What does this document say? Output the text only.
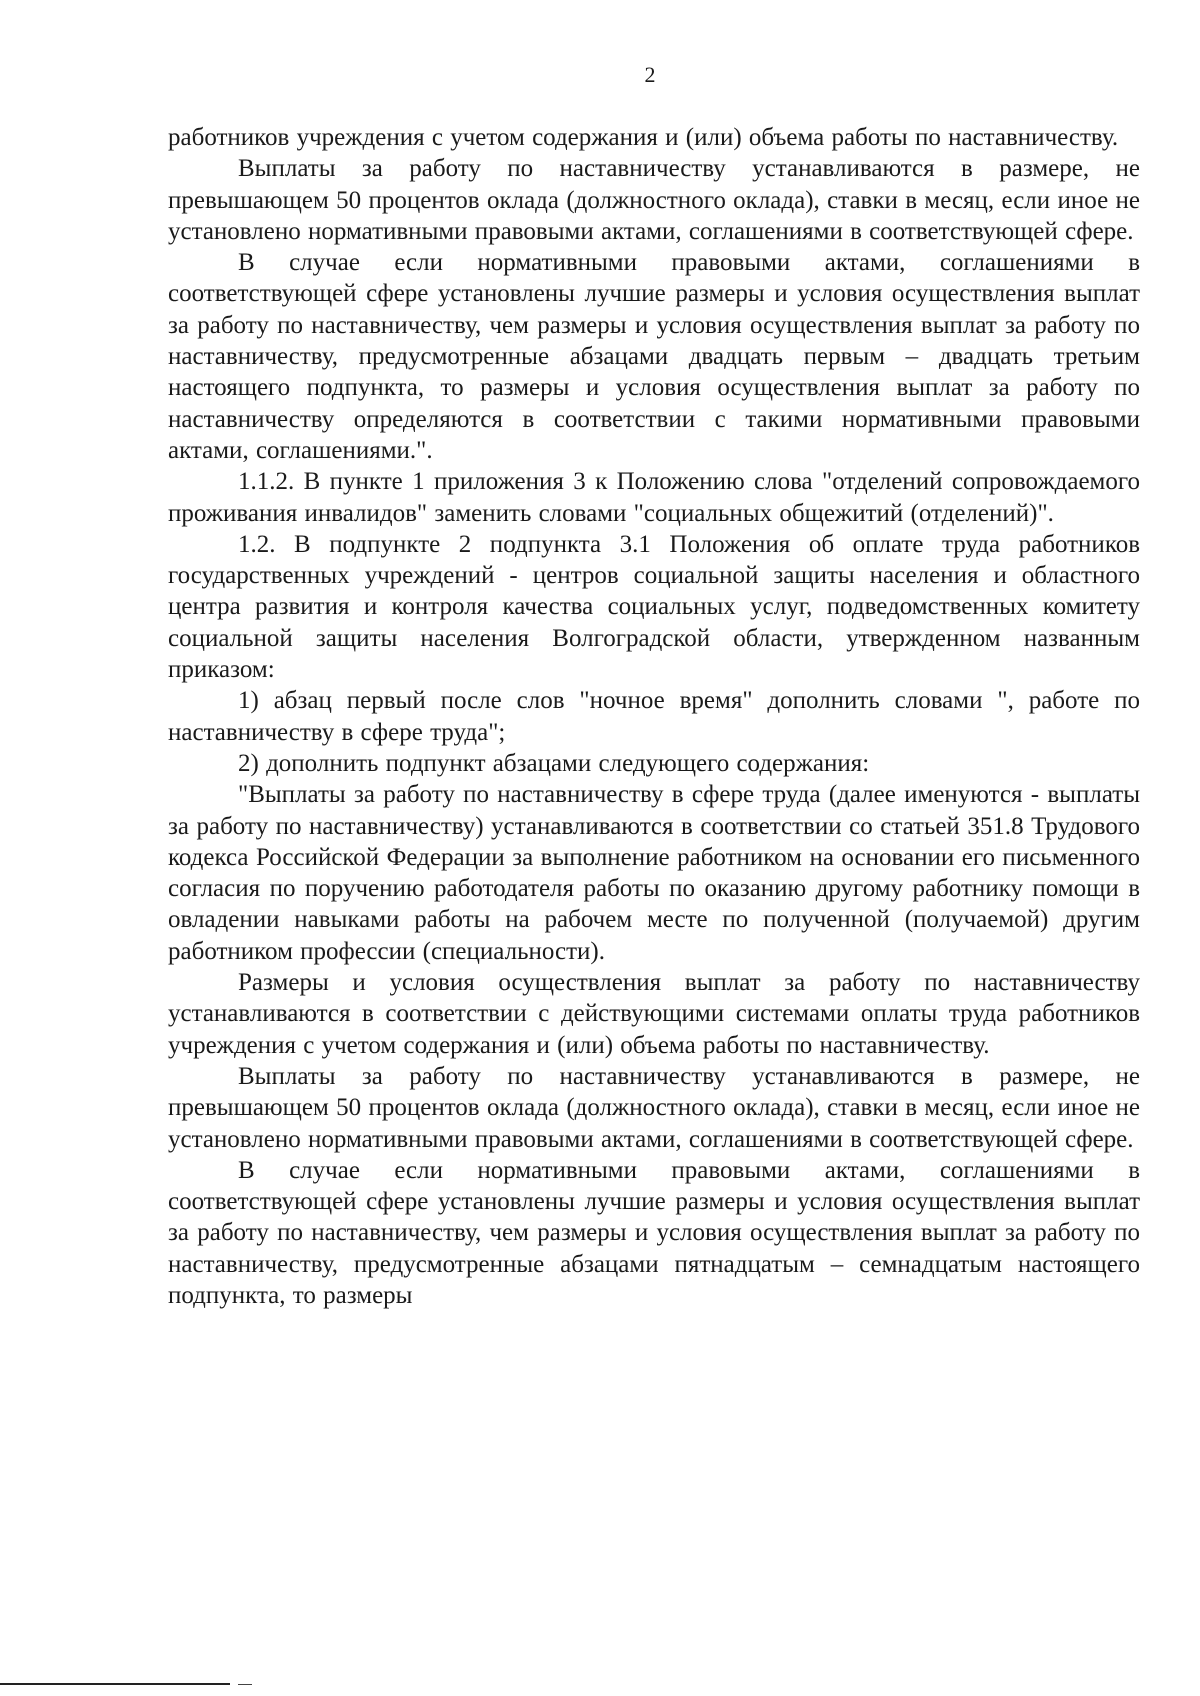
2

работников учреждения с учетом содержания и (или) объема работы по наставничеству.

Выплаты за работу по наставничеству устанавливаются в размере, не превышающем 50 процентов оклада (должностного оклада), ставки в месяц, если иное не установлено нормативными правовыми актами, соглашениями в соответствующей сфере.

В случае если нормативными правовыми актами, соглашениями в соответствующей сфере установлены лучшие размеры и условия осуществления выплат за работу по наставничеству, чем размеры и условия осуществления выплат за работу по наставничеству, предусмотренные абзацами двадцать первым – двадцать третьим настоящего подпункта, то размеры и условия осуществления выплат за работу по наставничеству определяются в соответствии с такими нормативными правовыми актами, соглашениями.".

1.1.2. В пункте 1 приложения 3 к Положению слова "отделений сопровождаемого проживания инвалидов" заменить словами "социальных общежитий (отделений)".

1.2. В подпункте 2 подпункта 3.1 Положения об оплате труда работников государственных учреждений - центров социальной защиты населения и областного центра развития и контроля качества социальных услуг, подведомственных комитету социальной защиты населения Волгоградской области, утвержденном названным приказом:

1) абзац первый после слов "ночное время" дополнить словами ", работе по наставничеству в сфере труда";

2) дополнить подпункт абзацами следующего содержания:

"Выплаты за работу по наставничеству в сфере труда (далее именуются - выплаты за работу по наставничеству) устанавливаются в соответствии со статьей 351.8 Трудового кодекса Российской Федерации за выполнение работником на основании его письменного согласия по поручению работодателя работы по оказанию другому работнику помощи в овладении навыками работы на рабочем месте по полученной (получаемой) другим работником профессии (специальности).

Размеры и условия осуществления выплат за работу по наставничеству устанавливаются в соответствии с действующими системами оплаты труда работников учреждения с учетом содержания и (или) объема работы по наставничеству.

Выплаты за работу по наставничеству устанавливаются в размере, не превышающем 50 процентов оклада (должностного оклада), ставки в месяц, если иное не установлено нормативными правовыми актами, соглашениями в соответствующей сфере.

В случае если нормативными правовыми актами, соглашениями в соответствующей сфере установлены лучшие размеры и условия осуществления выплат за работу по наставничеству, чем размеры и условия осуществления выплат за работу по наставничеству, предусмотренные абзацами пятнадцатым – семнадцатым настоящего подпункта, то размеры
